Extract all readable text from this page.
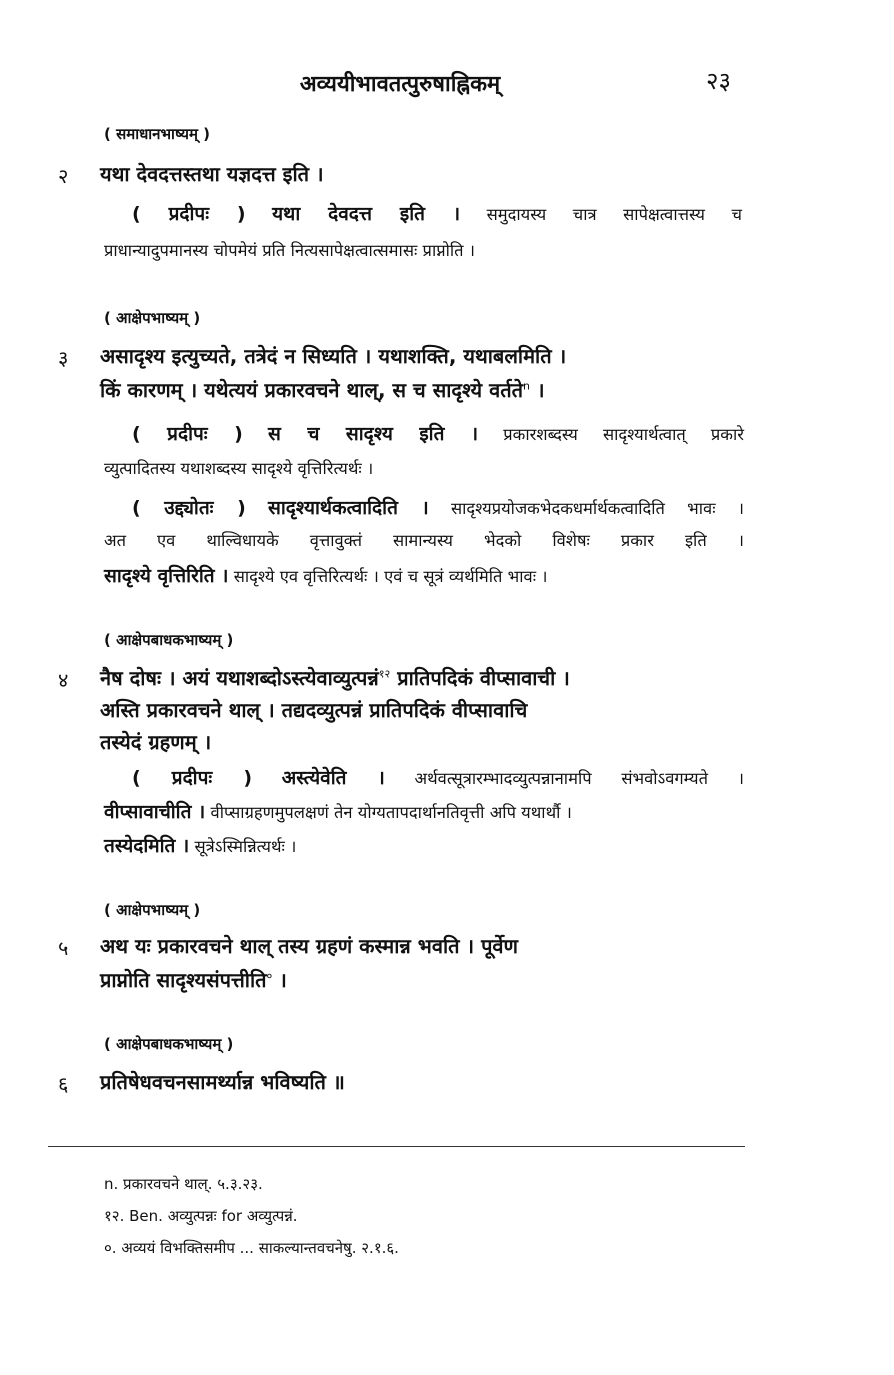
अव्ययीभावतत्पुरुषाह्निकम्	२३
( समाधानभाष्यम् )
२ यथा देवदत्तस्तथा यज्ञदत्त इति ।
( प्रदीपः ) यथा देवदत्त इति । समुदायस्य चात्र सापेक्षत्वात्तस्य च
प्राधान्यादुपमानस्य चोपमेयं प्रति नित्यसापेक्षत्वात्समासः प्राप्नोति ।
( आक्षेपभाष्यम् )
३ असादृश्य इत्युच्यते, तत्रेदं न सिध्यति । यथाशक्ति, यथाबलमिति ।
किं कारणम् । यथेत्ययं प्रकारवचने थाल्, स च सादृश्ये वर्तते$^n$ ।
( प्रदीपः ) स च सादृश्य इति । प्रकारशब्दस्य सादृश्यार्थत्वात् प्रकारे
व्युत्पादितस्य यथाशब्दस्य सादृश्ये वृत्तिरित्यर्थः ।
( उद्द्योतः ) सादृश्यार्थकत्वादिति । सादृश्यप्रयोजकभेदकधर्मार्थकत्वादिति भावः ।
अत एव थाल्विधायके वृत्तावुक्तं सामान्यस्य भेदको विशेषः प्रकार इति ।
सादृश्ये वृत्तिरिति । सादृश्ये एव वृत्तिरित्यर्थः । एवं च सूत्रं व्यर्थमिति भावः ।
( आक्षेपबाधकभाष्यम् )
४ नैष दोषः । अयं यथाशब्दोऽस्त्येवाव्युत्पन्नं$^{१२}$ प्रातिपदिकं वीप्सावाची ।
अस्ति प्रकारवचने थाल् । तद्यदव्युत्पन्नं प्रातिपदिकं वीप्सावाचि
तस्येदं ग्रहणम् ।
( प्रदीपः ) अस्त्येवेति । अर्थवत्सूत्रारम्भादव्युत्पन्नानामपि संभवोऽवगम्यते ।
वीप्सावाचीति । वीप्साग्रहणमुपलक्षणं तेन योग्यतापदार्थानतिवृत्ती अपि यथार्थौ ।
तस्येदमिति । सूत्रेऽस्मिन्नित्यर्थः ।
( आक्षेपभाष्यम् )
५ अथ यः प्रकारवचने थाल् तस्य ग्रहणं कस्मान्न भवति । पूर्वेण
प्राप्नोति सादृश्यसंपत्तीति$^०$ ।
( आक्षेपबाधकभाष्यम् )
६ प्रतिषेधवचनसामर्थ्यान्न भविष्यति ॥
n. प्रकारवचने थाल्. ५.३.२३.
१२. Ben. अव्युत्पन्नः for अव्युत्पन्नं.
०. अव्ययं विभक्तिसमीप ... साकल्यान्तवचनेषु. २.१.६.
